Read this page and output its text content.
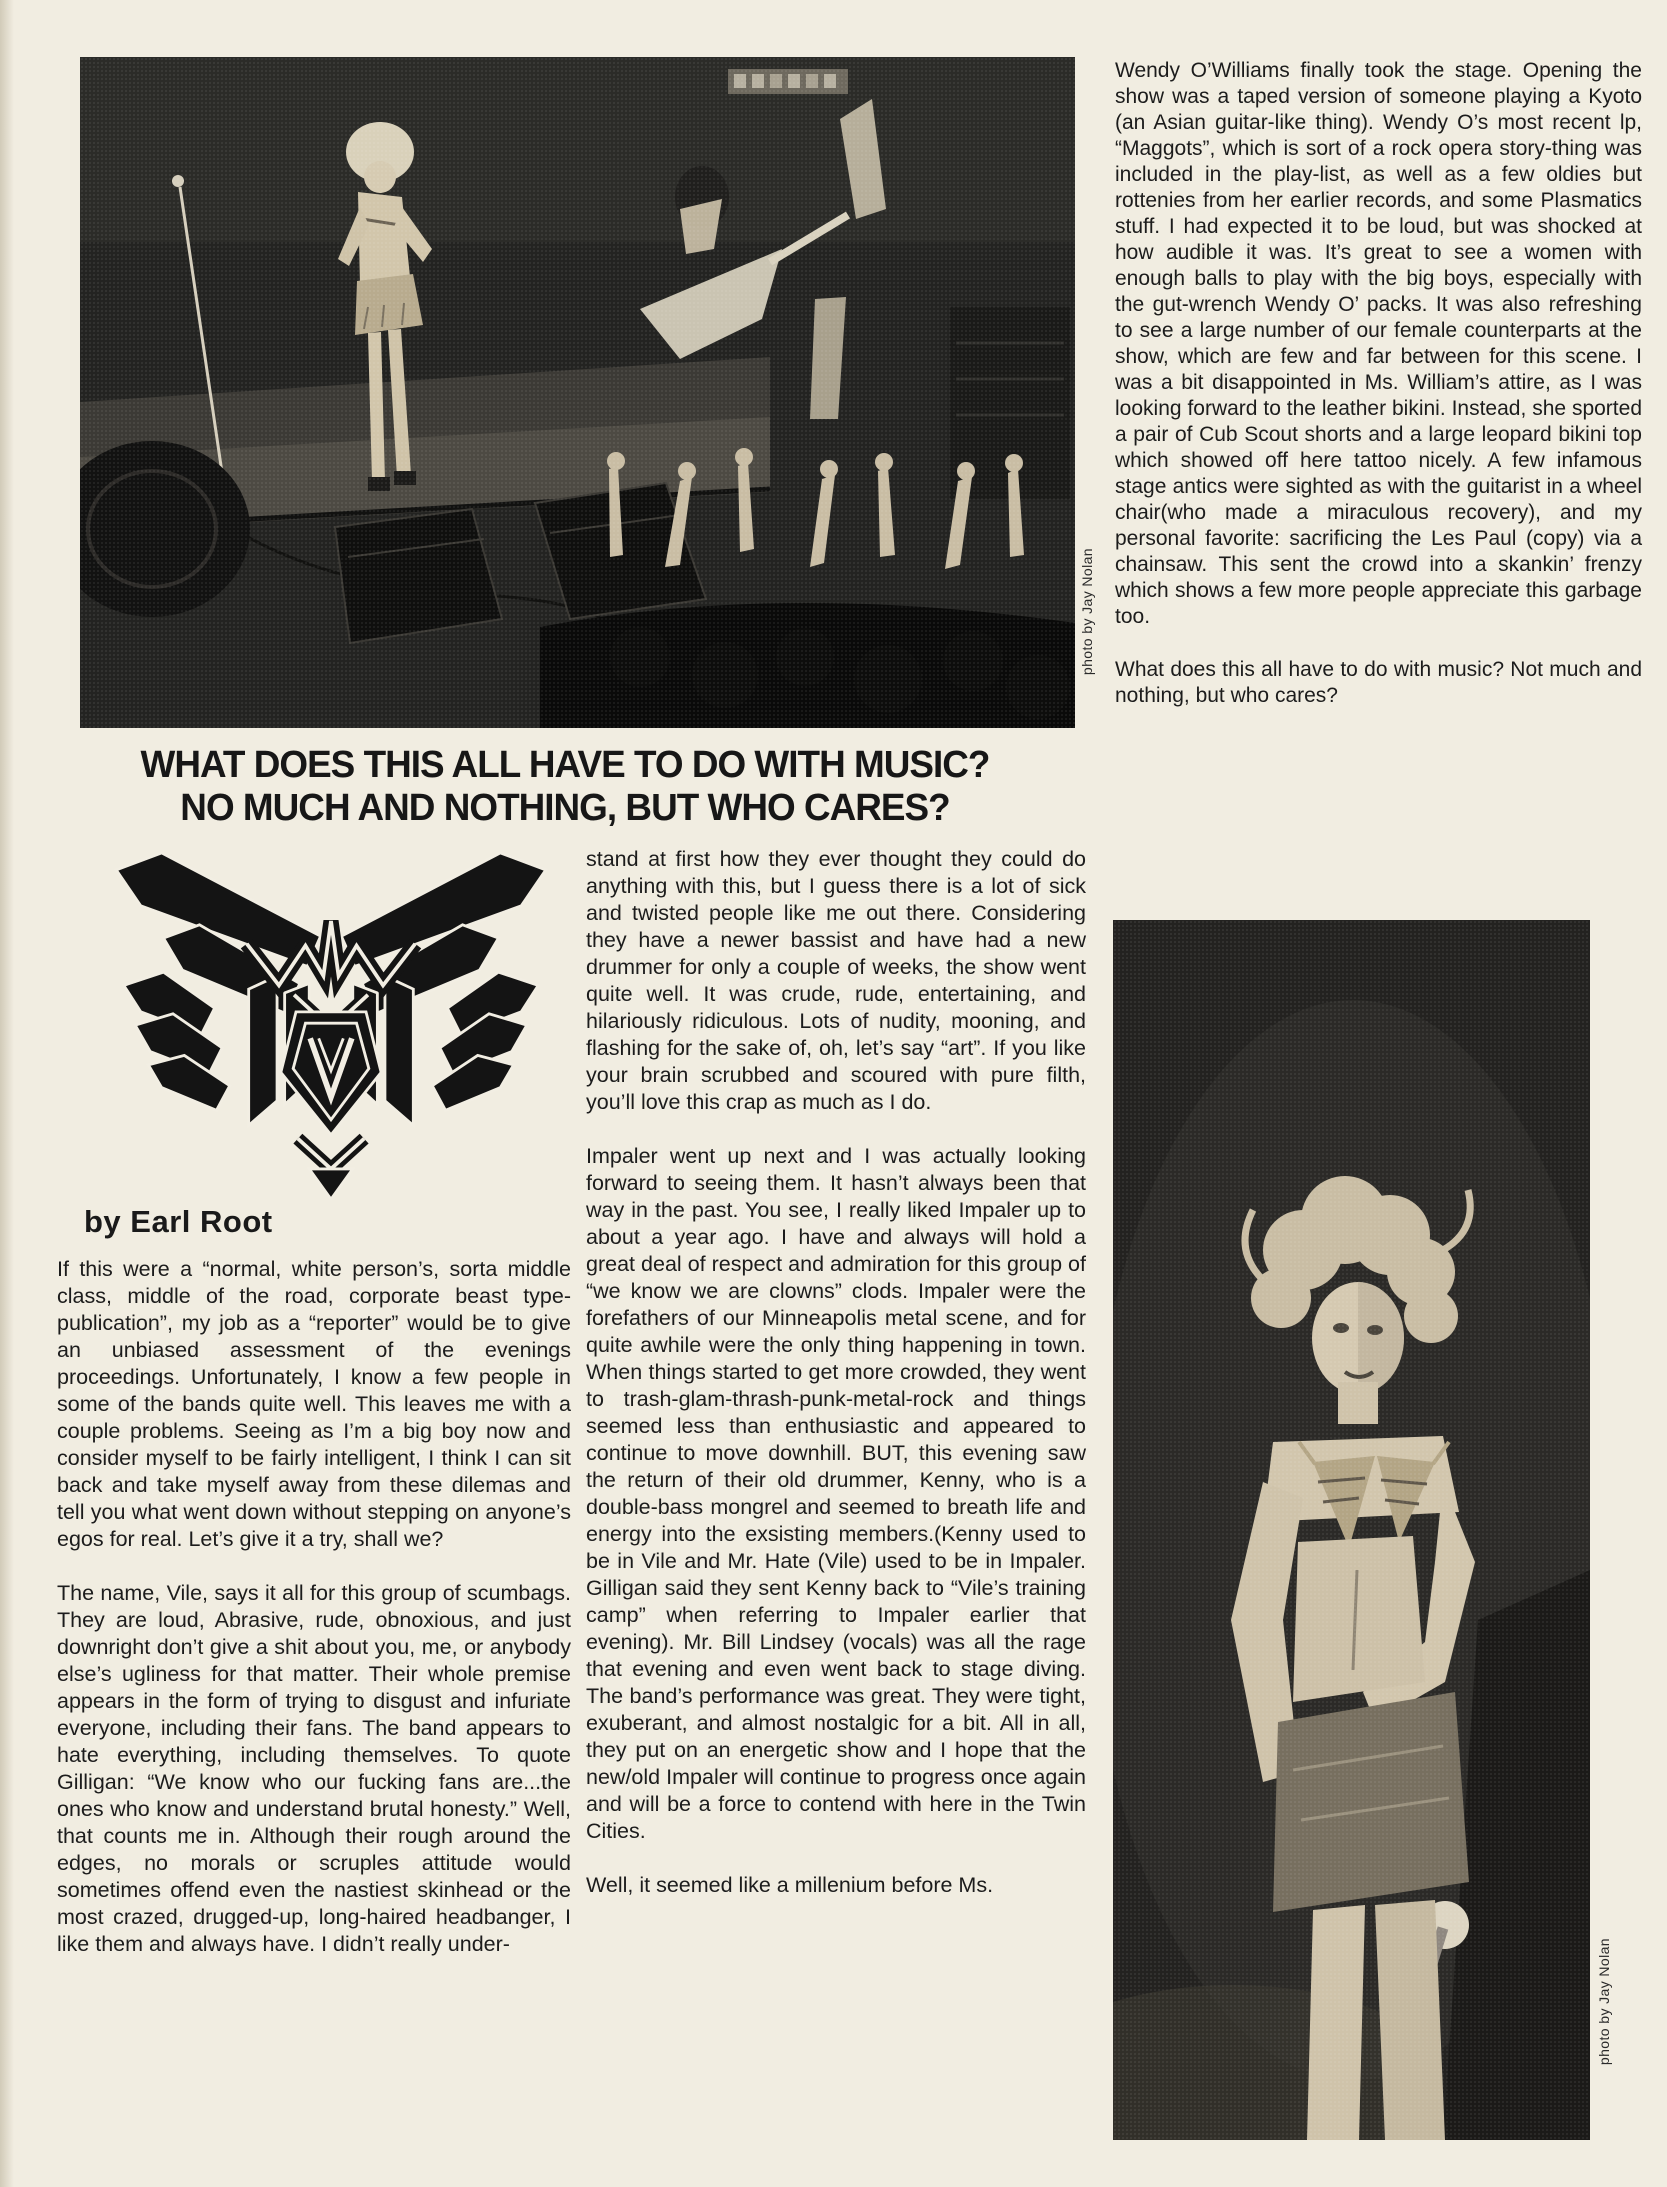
photo by Jay Nolan
WHAT DOES THIS ALL HAVE TO DO WITH MUSIC?
NO MUCH AND NOTHING, BUT WHO CARES?
by Earl Root

If this were a “normal, white person’s, sorta middle class, middle of the road, corporate beast type-publication”, my job as a “reporter” would be to give an unbiased assessment of the evenings proceedings. Unfortunately, I know a few people in some of the bands quite well. This leaves me with a couple problems. Seeing as I’m a big boy now and consider myself to be fairly intelligent, I think I can sit back and take myself away from these dilemas and tell you what went down without stepping on anyone’s egos for real. Let’s give it a try, shall we?

The name, Vile, says it all for this group of scumbags. They are loud, Abrasive, rude, obnoxious, and just downright don’t give a shit about you, me, or anybody else’s ugliness for that matter. Their whole premise appears in the form of trying to disgust and infuriate everyone, including their fans. The band appears to hate everything, including themselves. To quote Gilligan: “We know who our fucking fans are...the ones who know and understand brutal honesty.” Well, that counts me in. Although their rough around the edges, no morals or scruples attitude would sometimes offend even the nastiest skinhead or the most crazed, drugged-up, long-haired headbanger, I like them and always have. I didn’t really under-

stand at first how they ever thought they could do anything with this, but I guess there is a lot of sick and twisted people like me out there. Considering they have a newer bassist and have had a new drummer for only a couple of weeks, the show went quite well. It was crude, rude, entertaining, and hilariously ridiculous. Lots of nudity, mooning, and flashing for the sake of, oh, let’s say “art”. If you like your brain scrubbed and scoured with pure filth, you’ll love this crap as much as I do.

Impaler went up next and I was actually looking forward to seeing them. It hasn’t always been that way in the past. You see, I really liked Impaler up to about a year ago. I have and always will hold a great deal of respect and admiration for this group of “we know we are clowns” clods. Impaler were the forefathers of our Minneapolis metal scene, and for quite awhile were the only thing happening in town. When things started to get more crowded, they went to trash-glam-thrash-punk-metal-rock and things seemed less than enthusiastic and appeared to continue to move downhill. BUT, this evening saw the return of their old drummer, Kenny, who is a double-bass mongrel and seemed to breath life and energy into the exsisting members.(Kenny used to be in Vile and Mr. Hate (Vile) used to be in Impaler. Gilligan said they sent Kenny back to “Vile’s training camp” when referring to Impaler earlier that evening). Mr. Bill Lindsey (vocals) was all the rage that evening and even went back to stage diving. The band’s performance was great. They were tight, exuberant, and almost nostalgic for a bit. All in all, they put on an energetic show and I hope that the new/old Impaler will continue to progress once again and will be a force to contend with here in the Twin Cities.

Well, it seemed like a millenium before Ms.

Wendy O’Williams finally took the stage. Opening the show was a taped version of someone playing a Kyoto (an Asian guitar-like thing). Wendy O’s most recent lp, “Maggots”, which is sort of a rock opera story-thing was included in the play-list, as well as a few oldies but rottenies from her earlier records, and some Plasmatics stuff. I had expected it to be loud, but was shocked at how audible it was. It’s great to see a women with enough balls to play with the big boys, especially with the gut-wrench Wendy O’ packs. It was also refreshing to see a large number of our female counterparts at the show, which are few and far between for this scene. I was a bit disappointed in Ms. William’s attire, as I was looking forward to the leather bikini. Instead, she sported a pair of Cub Scout shorts and a large leopard bikini top which showed off here tattoo nicely. A few infamous stage antics were sighted as with the guitarist in a wheel chair(who made a miraculous recovery), and my personal favorite: sacrificing the Les Paul (copy) via a chainsaw. This sent the crowd into a skankin’ frenzy which shows a few more people appreciate this garbage too.

What does this all have to do with music? Not much and nothing, but who cares?

photo by Jay Nolan
